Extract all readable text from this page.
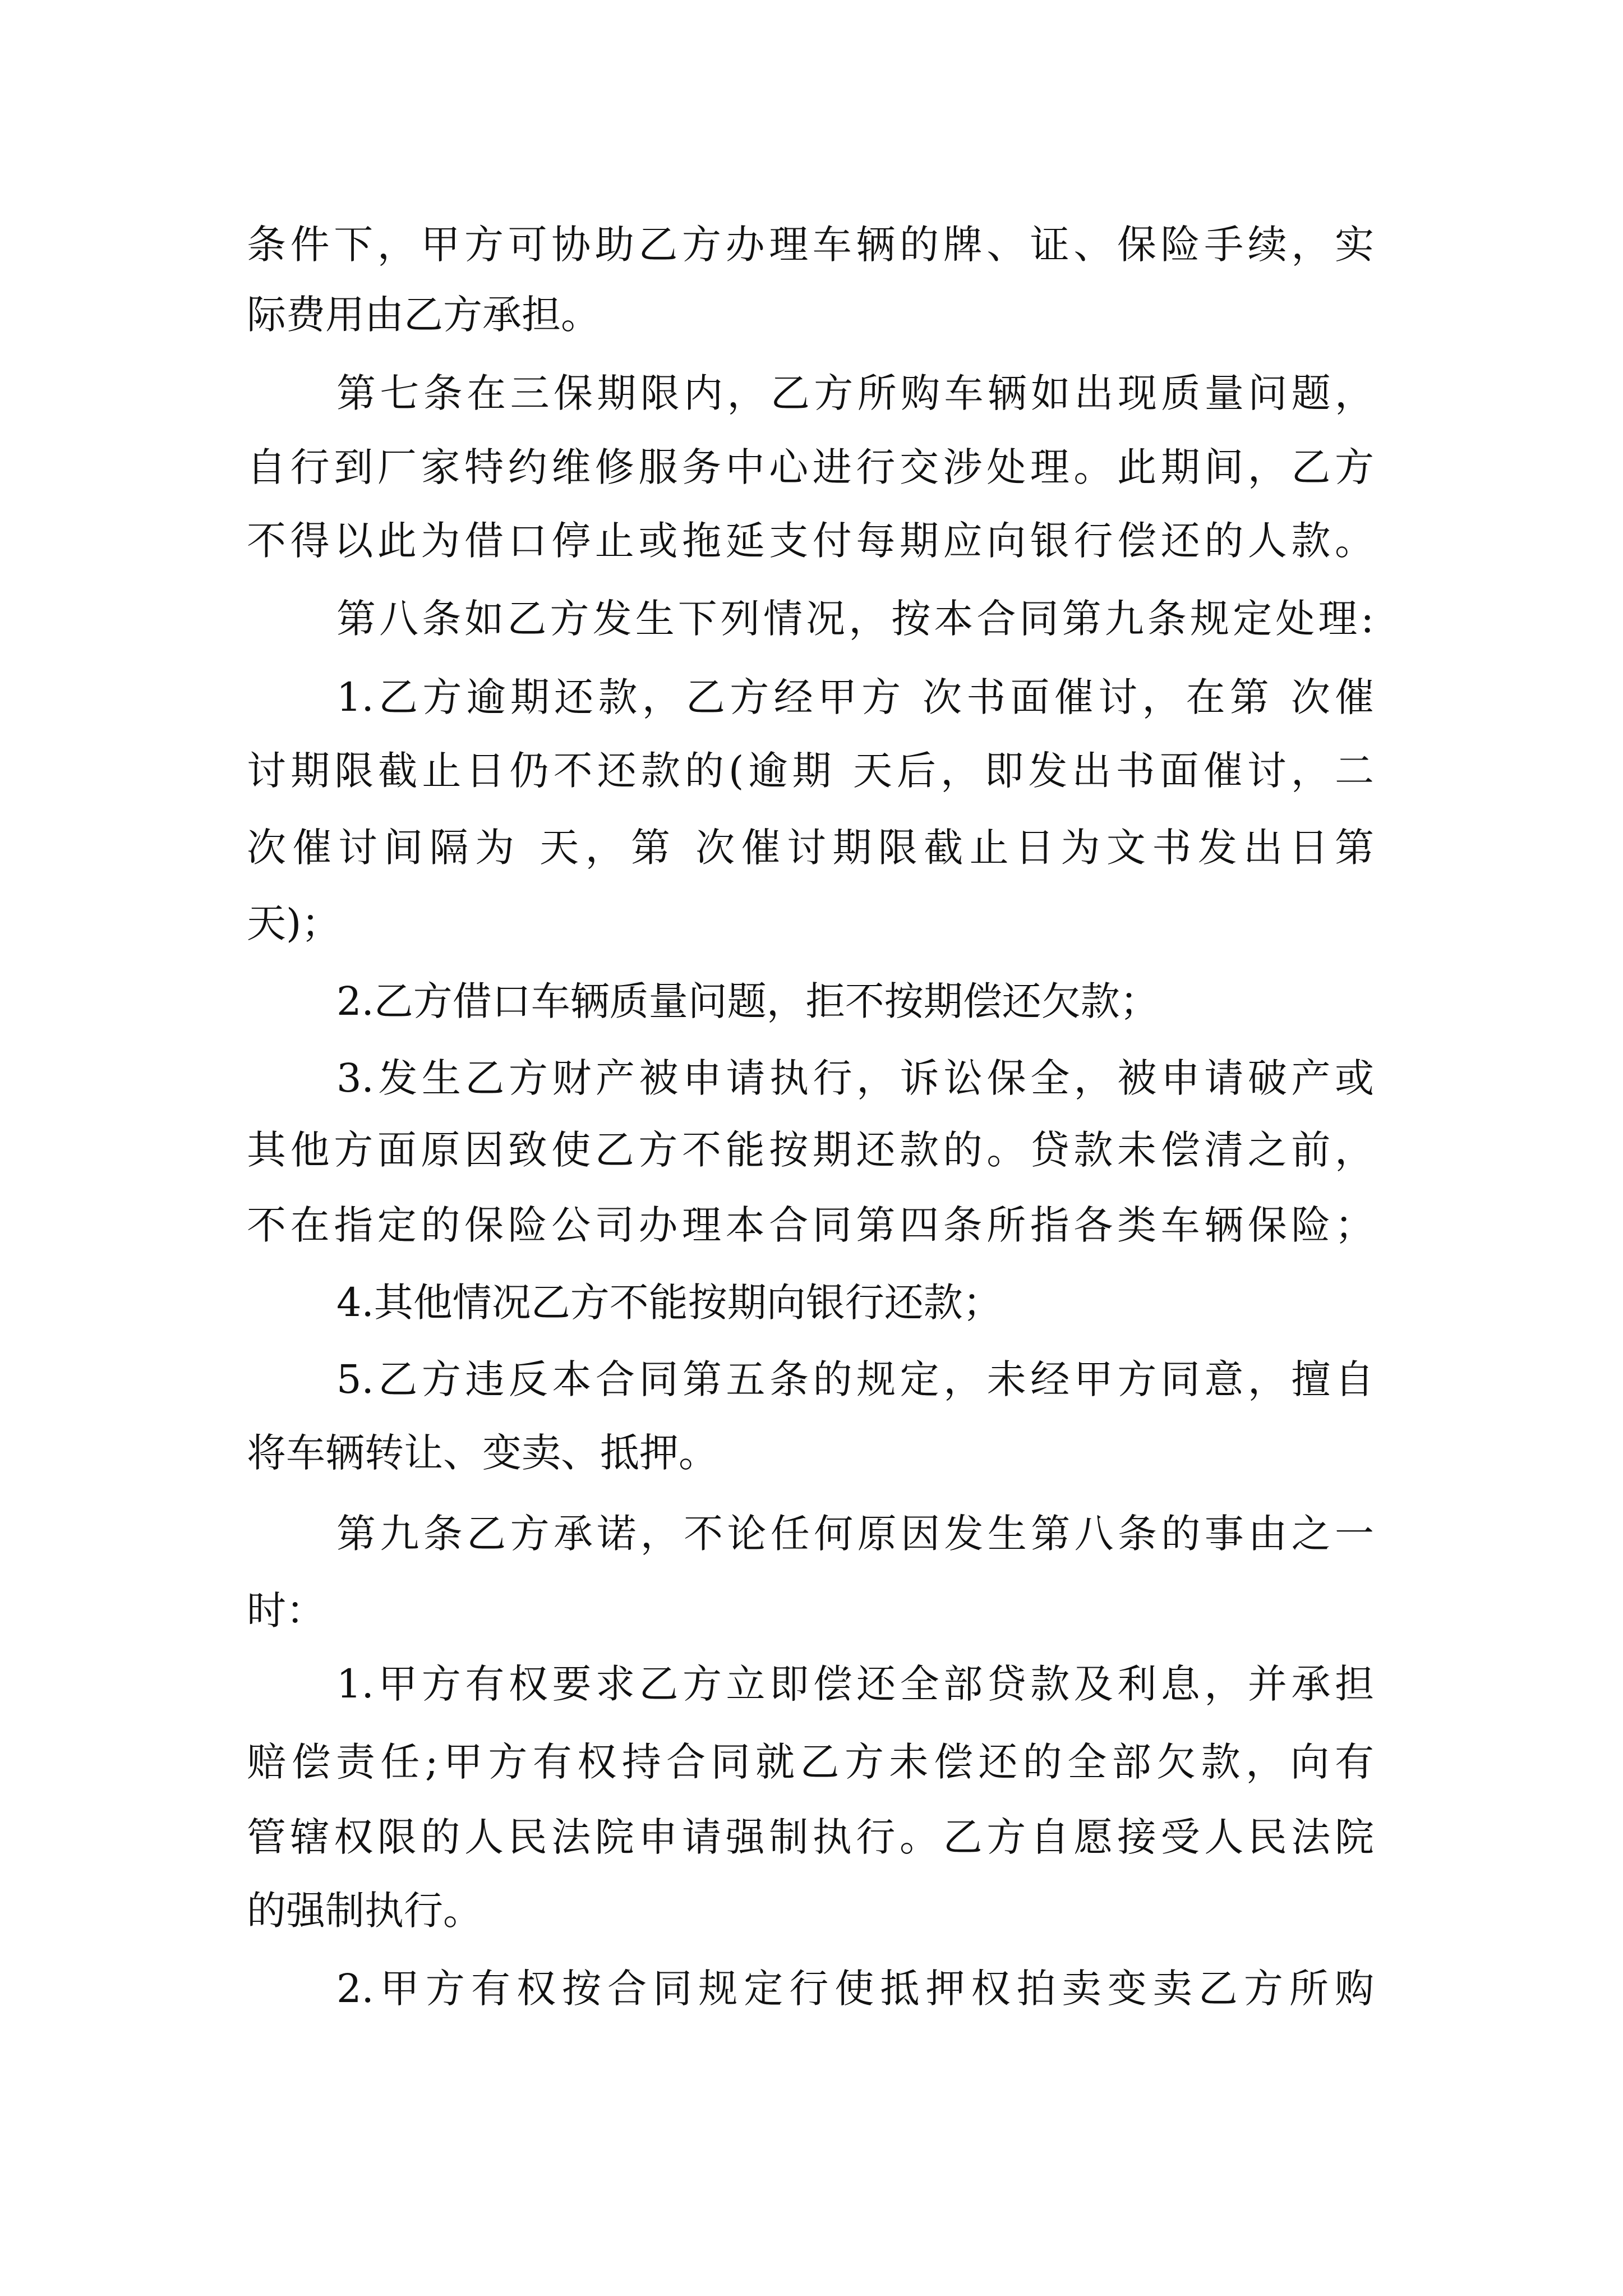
条件下，甲方可协助乙方办理车辆的牌、证、保险手续，实

际费用由乙方承担。

第七条在三保期限内，乙方所购车辆如出现质量问题，

自行到厂家特约维修服务中心进行交涉处理。此期间，乙方

不得以此为借口停止或拖延支付每期应向银行偿还的人款。

第八条如乙方发生下列情况，按本合同第九条规定处理:

1.乙方逾期还款，乙方经甲方 次书面催讨，在第 次催

讨期限截止日仍不还款的(逾期 天后，即发出书面催讨，二

次催讨间隔为 天，第 次催讨期限截止日为文书发出日第

天)；

2.乙方借口车辆质量问题，拒不按期偿还欠款；

3.发生乙方财产被申请执行，诉讼保全，被申请破产或

其他方面原因致使乙方不能按期还款的。贷款未偿清之前，

不在指定的保险公司办理本合同第四条所指各类车辆保险；

4.其他情况乙方不能按期向银行还款；

5.乙方违反本合同第五条的规定，未经甲方同意，擅自

将车辆转让、变卖、抵押。

第九条乙方承诺，不论任何原因发生第八条的事由之一

时：

1.甲方有权要求乙方立即偿还全部贷款及利息，并承担

赔偿责任;甲方有权持合同就乙方未偿还的全部欠款，向有

管辖权限的人民法院申请强制执行。乙方自愿接受人民法院

的强制执行。

2.甲方有权按合同规定行使抵押权拍卖变卖乙方所购
